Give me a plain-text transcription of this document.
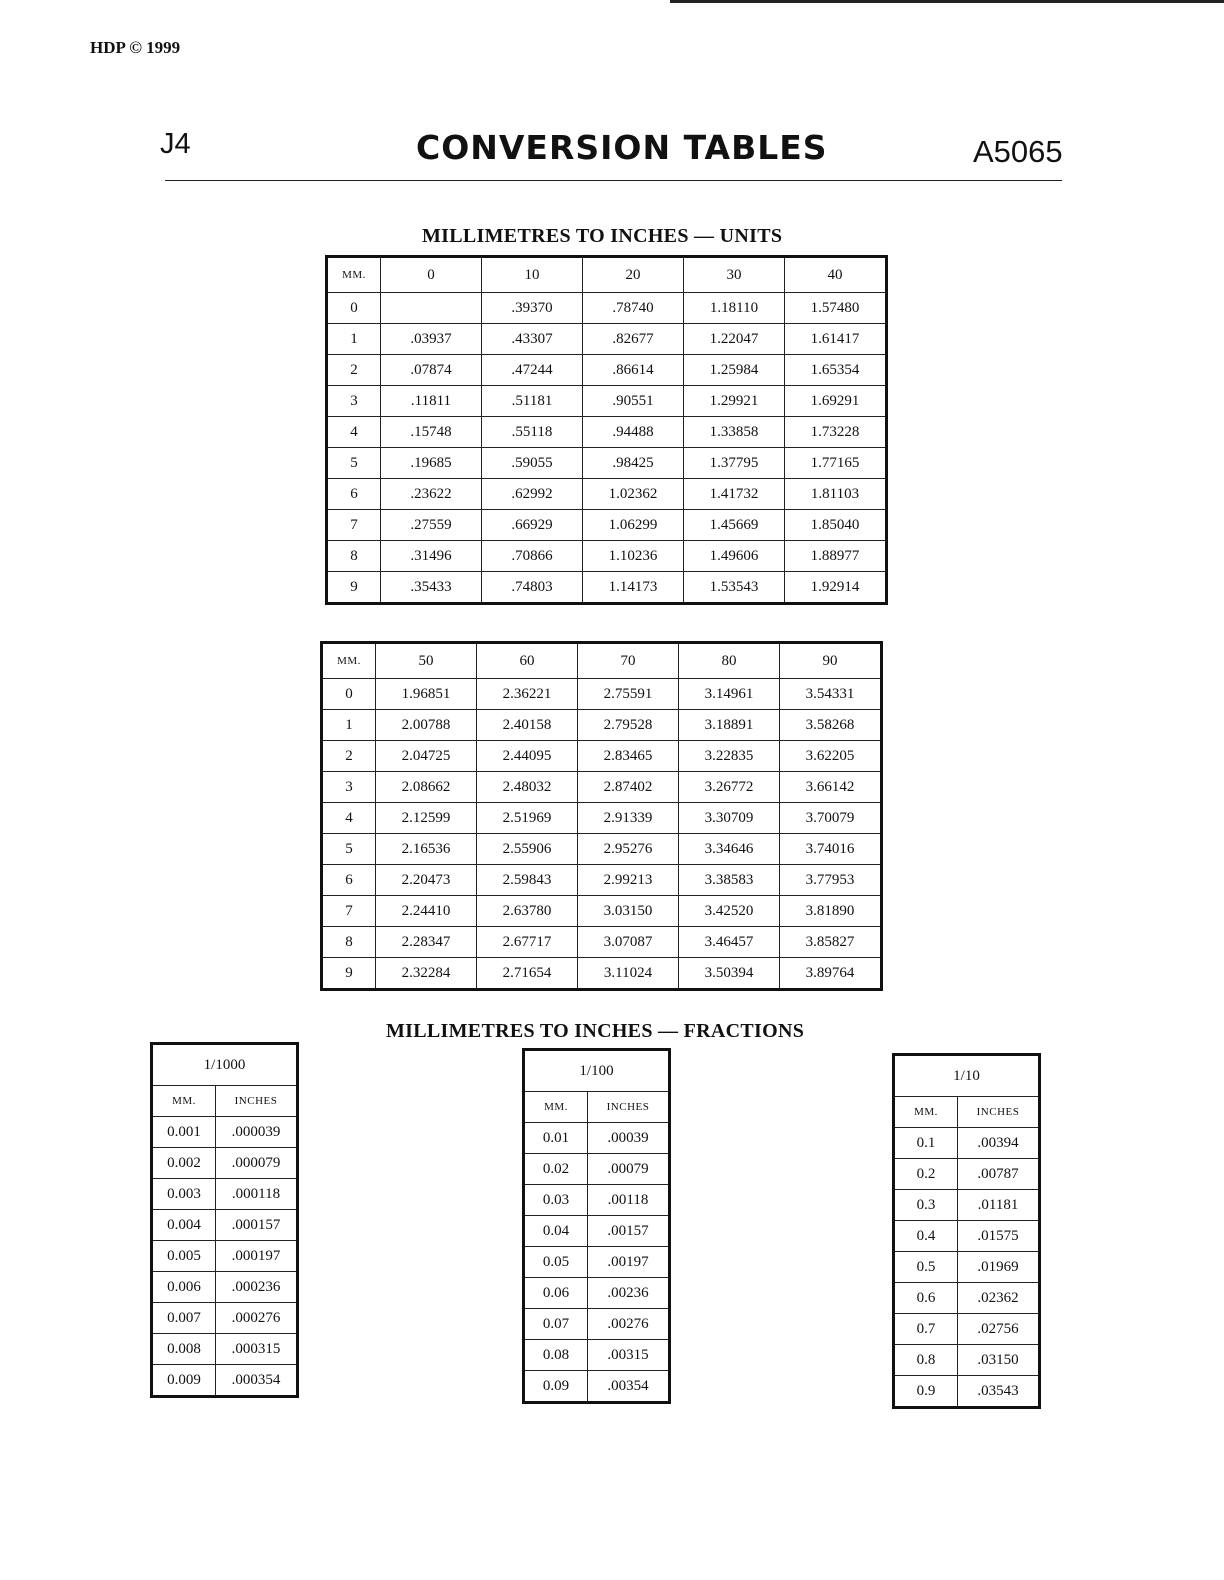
HDP © 1999
J4	CONVERSION TABLES	A5065
MILLIMETRES TO INCHES — UNITS
MM.	0	10	20	30	40
0		.39370	.78740	1.18110	1.57480
1	.03937	.43307	.82677	1.22047	1.61417
2	.07874	.47244	.86614	1.25984	1.65354
3	.11811	.51181	.90551	1.29921	1.69291
4	.15748	.55118	.94488	1.33858	1.73228
5	.19685	.59055	.98425	1.37795	1.77165
6	.23622	.62992	1.02362	1.41732	1.81103
7	.27559	.66929	1.06299	1.45669	1.85040
8	.31496	.70866	1.10236	1.49606	1.88977
9	.35433	.74803	1.14173	1.53543	1.92914
MM.	50	60	70	80	90
0	1.96851	2.36221	2.75591	3.14961	3.54331
1	2.00788	2.40158	2.79528	3.18891	3.58268
2	2.04725	2.44095	2.83465	3.22835	3.62205
3	2.08662	2.48032	2.87402	3.26772	3.66142
4	2.12599	2.51969	2.91339	3.30709	3.70079
5	2.16536	2.55906	2.95276	3.34646	3.74016
6	2.20473	2.59843	2.99213	3.38583	3.77953
7	2.24410	2.63780	3.03150	3.42520	3.81890
8	2.28347	2.67717	3.07087	3.46457	3.85827
9	2.32284	2.71654	3.11024	3.50394	3.89764
MILLIMETRES TO INCHES — FRACTIONS
1/1000	
MM.	INCHES
0.001	.000039
0.002	.000079
0.003	.000118
0.004	.000157
0.005	.000197
0.006	.000236
0.007	.000276
0.008	.000315
0.009	.000354
1/100	
MM.	INCHES
0.01	.00039
0.02	.00079
0.03	.00118
0.04	.00157
0.05	.00197
0.06	.00236
0.07	.00276
0.08	.00315
0.09	.00354
1/10	
MM.	INCHES
0.1	.00394
0.2	.00787
0.3	.01181
0.4	.01575
0.5	.01969
0.6	.02362
0.7	.02756
0.8	.03150
0.9	.03543
